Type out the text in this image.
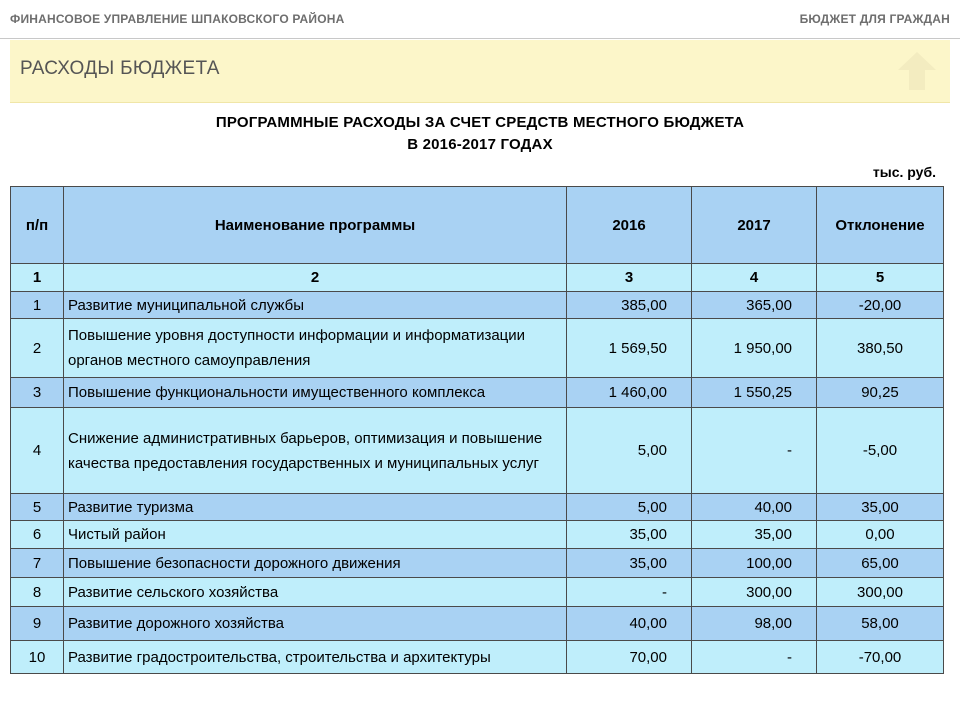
ФИНАНСОВОЕ УПРАВЛЕНИЕ ШПАКОВСКОГО РАЙОНА	БЮДЖЕТ ДЛЯ ГРАЖДАН
РАСХОДЫ БЮДЖЕТА
ПРОГРАММНЫЕ РАСХОДЫ ЗА СЧЕТ СРЕДСТВ МЕСТНОГО БЮДЖЕТА
В 2016-2017 ГОДАХ
тыс. руб.
п/п	Наименование программы	2016	2017	Отклонение
1	2	3	4	5
1	Развитие муниципальной службы	385,00	365,00	-20,00
2	Повышение уровня доступности информации и информатизации органов местного самоуправления	1 569,50	1 950,00	380,50
3	Повышение функциональности имущественного комплекса	1 460,00	1 550,25	90,25
4	Снижение административных барьеров, оптимизация и повышение качества предоставления государственных и муниципальных услуг	5,00	-	-5,00
5	Развитие туризма	5,00	40,00	35,00
6	Чистый район	35,00	35,00	0,00
7	Повышение безопасности дорожного движения	35,00	100,00	65,00
8	Развитие сельского хозяйства	-	300,00	300,00
9	Развитие дорожного хозяйства	40,00	98,00	58,00
10	Развитие градостроительства, строительства и архитектуры	70,00	-	-70,00
